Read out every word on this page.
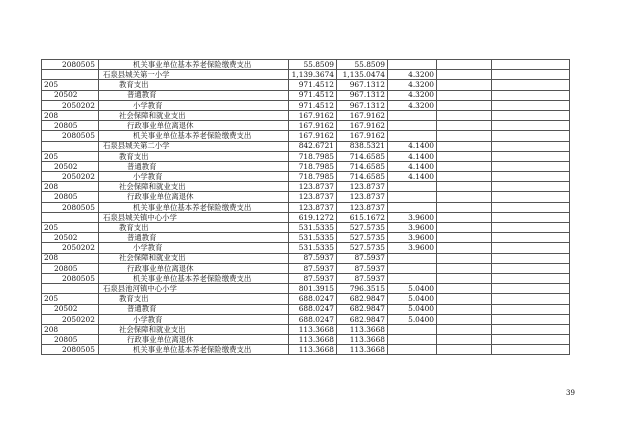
2080505	机关事业单位基本养老保险缴费支出	55.8509	55.8509			
	石泉县城关第一小学	1,139.3674	1,135.0474	4.3200		
205	教育支出	971.4512	967.1312	4.3200		
20502	普通教育	971.4512	967.1312	4.3200		
2050202	小学教育	971.4512	967.1312	4.3200		
208	社会保障和就业支出	167.9162	167.9162			
20805	行政事业单位离退休	167.9162	167.9162			
2080505	机关事业单位基本养老保险缴费支出	167.9162	167.9162			
	石泉县城关第二小学	842.6721	838.5321	4.1400		
205	教育支出	718.7985	714.6585	4.1400		
20502	普通教育	718.7985	714.6585	4.1400		
2050202	小学教育	718.7985	714.6585	4.1400		
208	社会保障和就业支出	123.8737	123.8737			
20805	行政事业单位离退休	123.8737	123.8737			
2080505	机关事业单位基本养老保险缴费支出	123.8737	123.8737			
	石泉县城关镇中心小学	619.1272	615.1672	3.9600		
205	教育支出	531.5335	527.5735	3.9600		
20502	普通教育	531.5335	527.5735	3.9600		
2050202	小学教育	531.5335	527.5735	3.9600		
208	社会保障和就业支出	87.5937	87.5937			
20805	行政事业单位离退休	87.5937	87.5937			
2080505	机关事业单位基本养老保险缴费支出	87.5937	87.5937			
	石泉县池河镇中心小学	801.3915	796.3515	5.0400		
205	教育支出	688.0247	682.9847	5.0400		
20502	普通教育	688.0247	682.9847	5.0400		
2050202	小学教育	688.0247	682.9847	5.0400		
208	社会保障和就业支出	113.3668	113.3668			
20805	行政事业单位离退休	113.3668	113.3668			
2080505	机关事业单位基本养老保险缴费支出	113.3668	113.3668			
39
